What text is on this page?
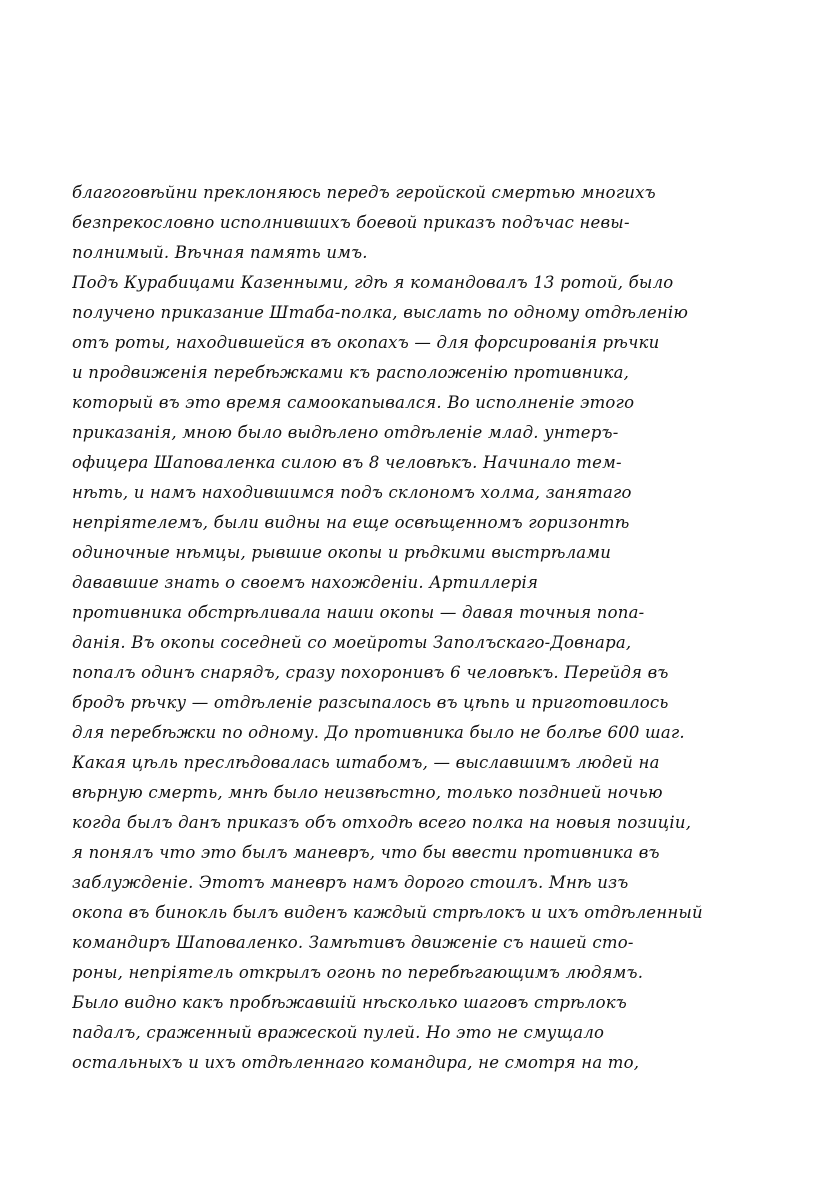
благоговѣйни преклоняюсь передъ геройской смертью многихъ
безпрекословно исполнившихъ боевой приказъ подъчас невы-
полнимый. Вѣчная память имъ.
Подъ Курабицами Казенными, гдѣ я командовалъ 13 ротой, было
получено приказание Штаба-полка, выслать по одному отдѣленію
отъ роты, находившейся въ окопахъ — для форсированія рѣчки
и продвиженія перебѣжками къ расположенію противника,
который въ это время самоокапывался. Во исполненіе этого
приказанія, мною было выдѣлено отдѣленіе млад. унтеръ-
офицера Шаповаленка силою въ 8 человѣкъ. Начинало тем-
нѣть, и намъ находившимся подъ склономъ холма, занятаго
непріятелемъ, были видны на еще освѣщенномъ горизонтѣ
одиночные нѣмцы, рывшие окопы и рѣдкими выстрѣлами
дававшие знать о своемъ нахожденіи. Артиллерія
противника обстрѣливала наши окопы — давая точныя попа-
данія. Въ окопы соседней со моейроты Заполъскаго-Довнара,
попалъ одинъ снарядъ, сразу похоронивъ 6 человѣкъ. Перейдя въ
бродъ рѣчку — отдѣленіе разсыпалось въ цѣпь и приготовилось
для перебѣжки по одному. До противника было не болѣе 600 шаг.
Какая цѣль преслѣдовалась штабомъ, — выславшимъ людей на
вѣрную смерть, мнѣ было неизвѣстно, только позднией ночью
когда былъ данъ приказъ объ отходѣ всего полка на новыя позиціи,
я понялъ что это былъ маневръ, что бы ввести противника въ
заблужденіе. Этотъ маневръ намъ дорого стоилъ. Мнѣ изъ
окопа въ бинокль былъ виденъ каждый стрѣлокъ и ихъ отдѣленный
командиръ Шаповаленко. Замѣтивъ движеніе съ нашей сто-
роны, непріятель открылъ огонь по перебѣгающимъ людямъ.
Было видно какъ пробѣжавшій нѣсколько шаговъ стрѣлокъ
падалъ, сраженный вражеской пулей. Но это не смущало
остальныхъ и ихъ отдѣленнаго командира, не смотря на то,
